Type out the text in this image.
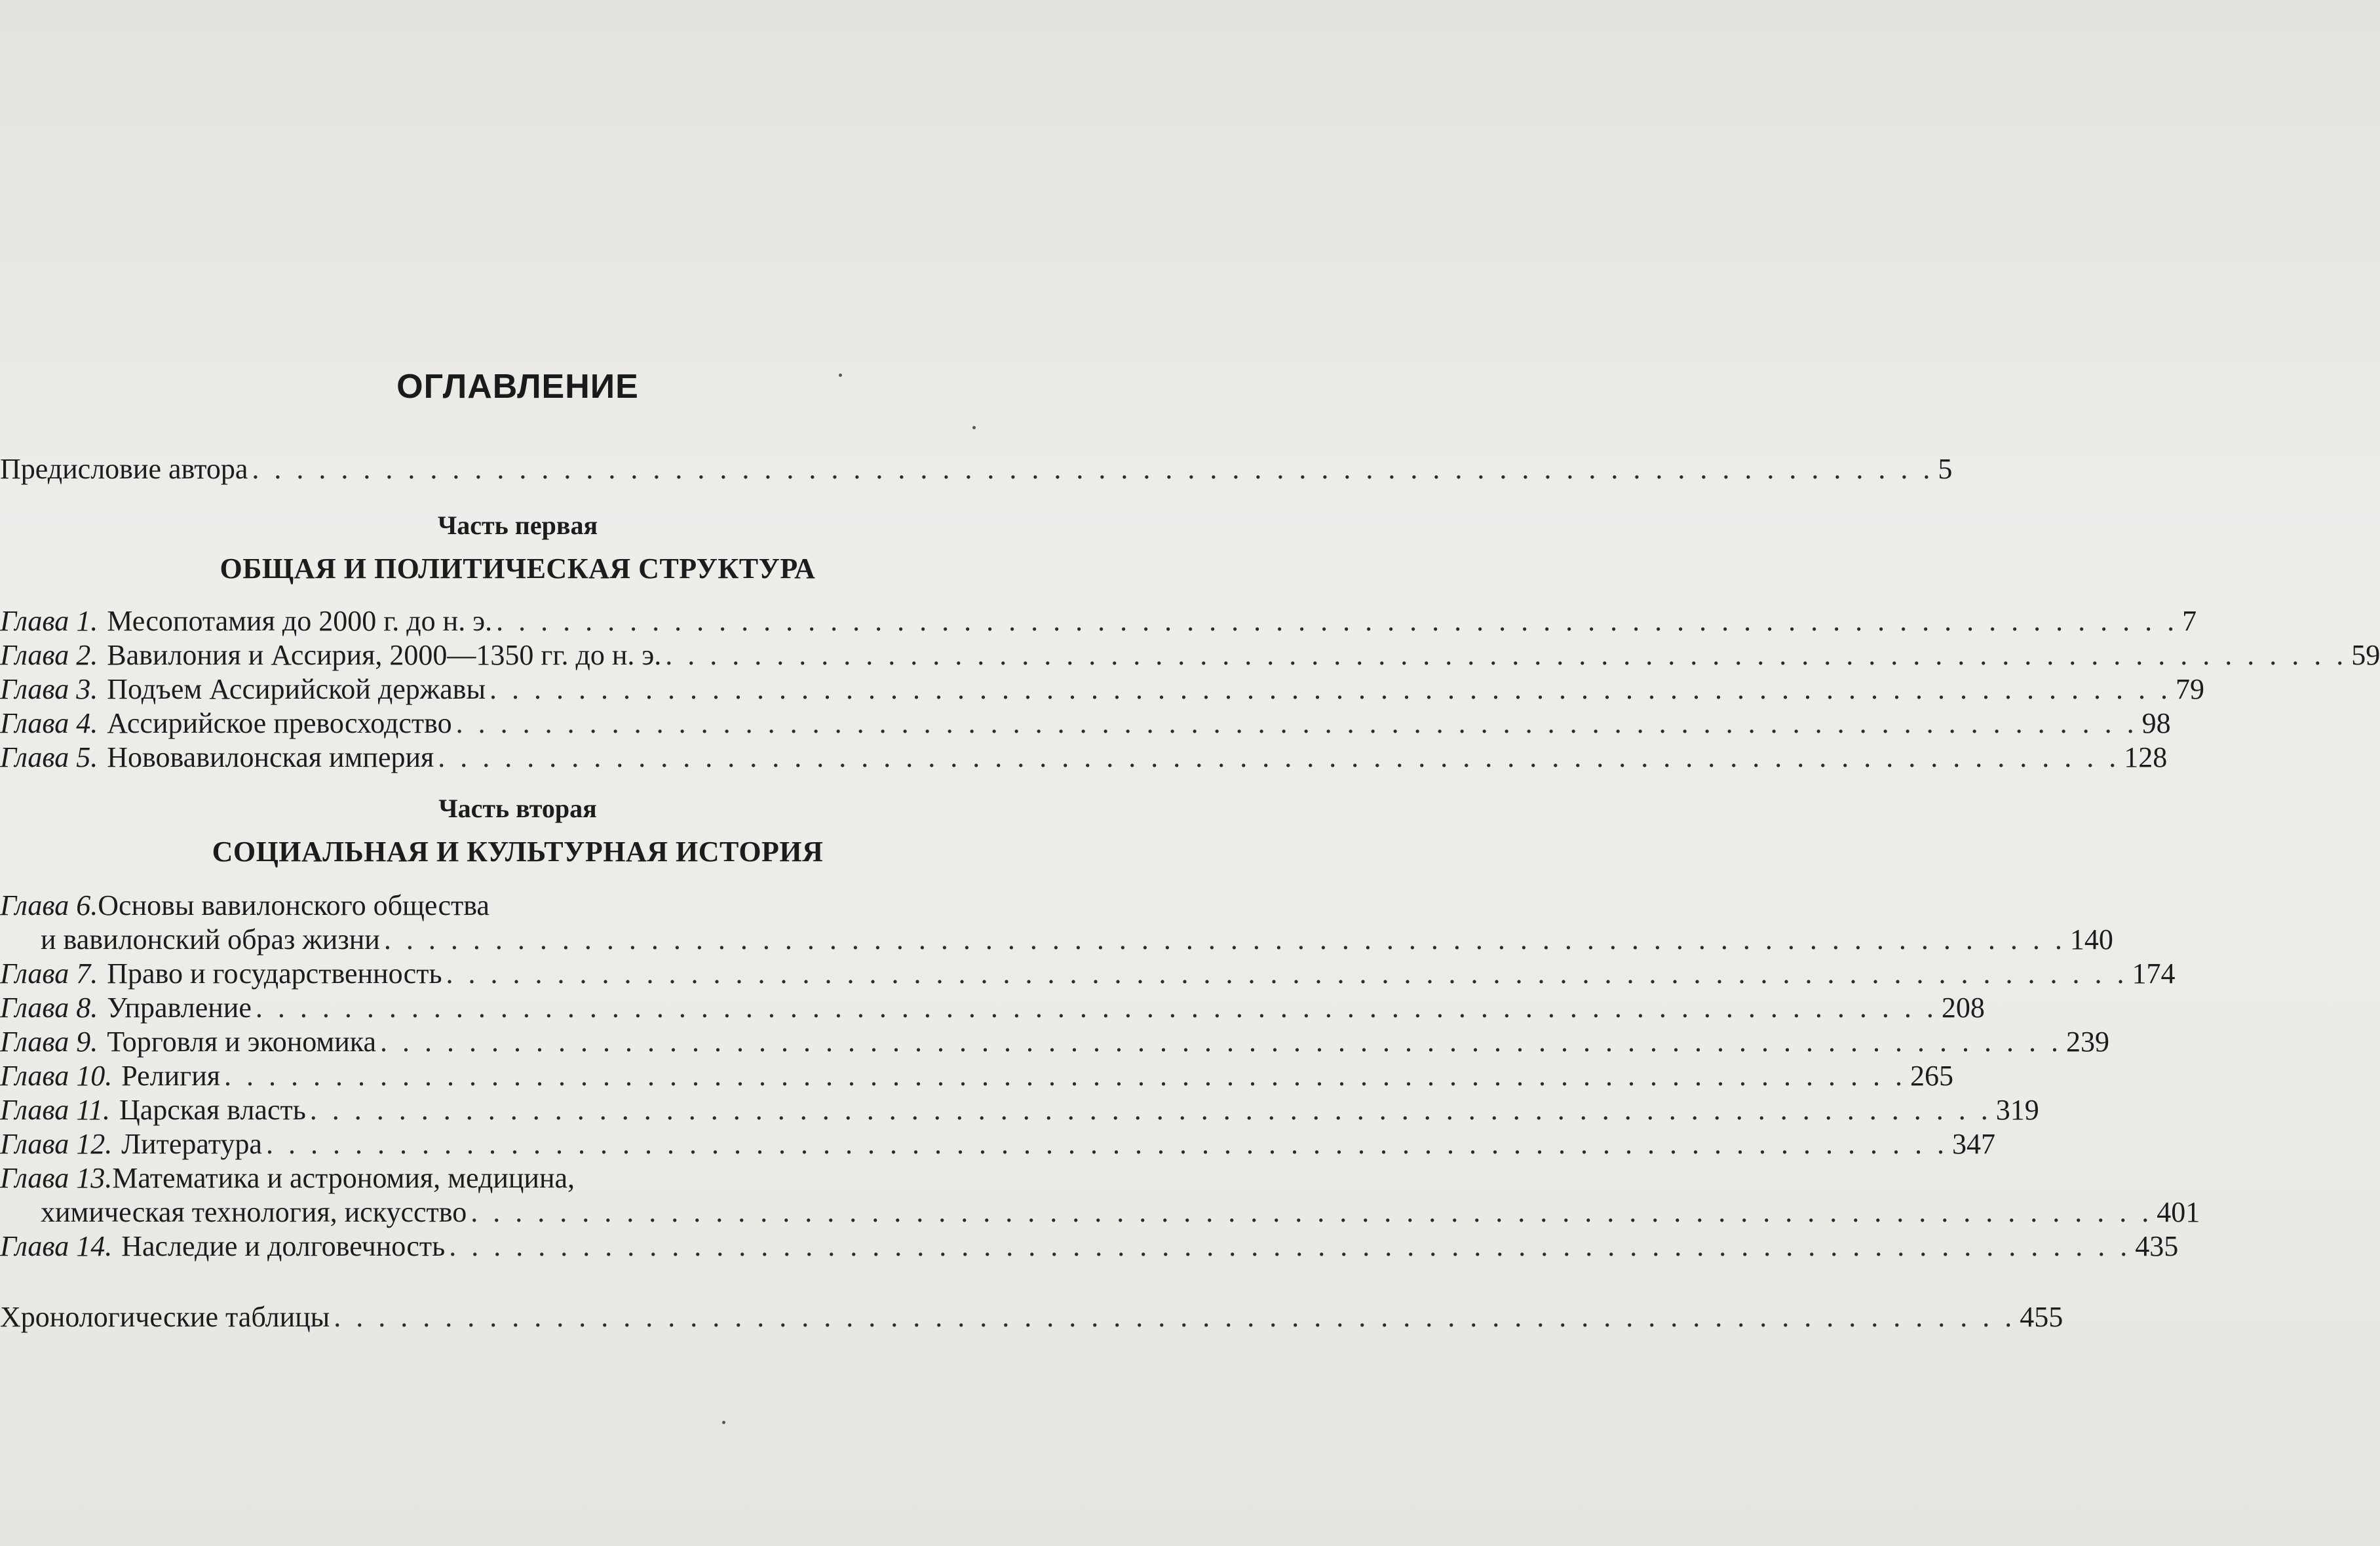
ОГЛАВЛЕНИЕ
Предисловие автора . . . . . . . . . . . . . . . . . . . . . . . . . . . . . . . . . . . . . . . . . . . . . . . . . . . . . . . . . . . . . . . . . . . . . . . . . . . . 5
Часть первая
ОБЩАЯ И ПОЛИТИЧЕСКАЯ СТРУКТУРА
Глава 1. Месопотамия до 2000 г. до н. э. . . . . . . . . . . . . . . . . . . . . . . . . . . . . . . . . . . . . . . . . . . . . . . . . . . . . . . . . . . . . . . . . . . . . . . . . . . . . 7
Глава 2. Вавилония и Ассирия, 2000—1350 гг. до н. э. . . . . . . . . . . . . . . . . . . . . . . . . . . . . . . . . . . . . . . . . . . . . . . . . . . . . . . . . . . . . . . . . . . . . . . . . . . . . 59
Глава 3. Подъем Ассирийской державы . . . . . . . . . . . . . . . . . . . . . . . . . . . . . . . . . . . . . . . . . . . . . . . . . . . . . . . . . . . . . . . . . . . . . . . . . . . . 79
Глава 4. Ассирийское превосходство . . . . . . . . . . . . . . . . . . . . . . . . . . . . . . . . . . . . . . . . . . . . . . . . . . . . . . . . . . . . . . . . . . . . . . . . . . . . 98
Глава 5. Нововавилонская империя . . . . . . . . . . . . . . . . . . . . . . . . . . . . . . . . . . . . . . . . . . . . . . . . . . . . . . . . . . . . . . . . . . . . . . . . . . . . 128
Часть вторая
СОЦИАЛЬНАЯ И КУЛЬТУРНАЯ ИСТОРИЯ
Глава 6.Основы вавилонского общества
и вавилонский образ жизни . . . . . . . . . . . . . . . . . . . . . . . . . . . . . . . . . . . . . . . . . . . . . . . . . . . . . . . . . . . . . . . . . . . . . . . . . . . . 140
Глава 7. Право и государственность . . . . . . . . . . . . . . . . . . . . . . . . . . . . . . . . . . . . . . . . . . . . . . . . . . . . . . . . . . . . . . . . . . . . . . . . . . . . 174
Глава 8. Управление . . . . . . . . . . . . . . . . . . . . . . . . . . . . . . . . . . . . . . . . . . . . . . . . . . . . . . . . . . . . . . . . . . . . . . . . . . . . 208
Глава 9. Торговля и экономика . . . . . . . . . . . . . . . . . . . . . . . . . . . . . . . . . . . . . . . . . . . . . . . . . . . . . . . . . . . . . . . . . . . . . . . . . . . . 239
Глава 10. Религия . . . . . . . . . . . . . . . . . . . . . . . . . . . . . . . . . . . . . . . . . . . . . . . . . . . . . . . . . . . . . . . . . . . . . . . . . . . . 265
Глава 11. Царская власть . . . . . . . . . . . . . . . . . . . . . . . . . . . . . . . . . . . . . . . . . . . . . . . . . . . . . . . . . . . . . . . . . . . . . . . . . . . . 319
Глава 12. Литература . . . . . . . . . . . . . . . . . . . . . . . . . . . . . . . . . . . . . . . . . . . . . . . . . . . . . . . . . . . . . . . . . . . . . . . . . . . . 347
Глава 13.Математика и астрономия, медицина,
химическая технология, искусство . . . . . . . . . . . . . . . . . . . . . . . . . . . . . . . . . . . . . . . . . . . . . . . . . . . . . . . . . . . . . . . . . . . . . . . . . . . . 401
Глава 14. Наследие и долговечность . . . . . . . . . . . . . . . . . . . . . . . . . . . . . . . . . . . . . . . . . . . . . . . . . . . . . . . . . . . . . . . . . . . . . . . . . . . . 435
Хронологические таблицы . . . . . . . . . . . . . . . . . . . . . . . . . . . . . . . . . . . . . . . . . . . . . . . . . . . . . . . . . . . . . . . . . . . . . . . . . . . . 455
